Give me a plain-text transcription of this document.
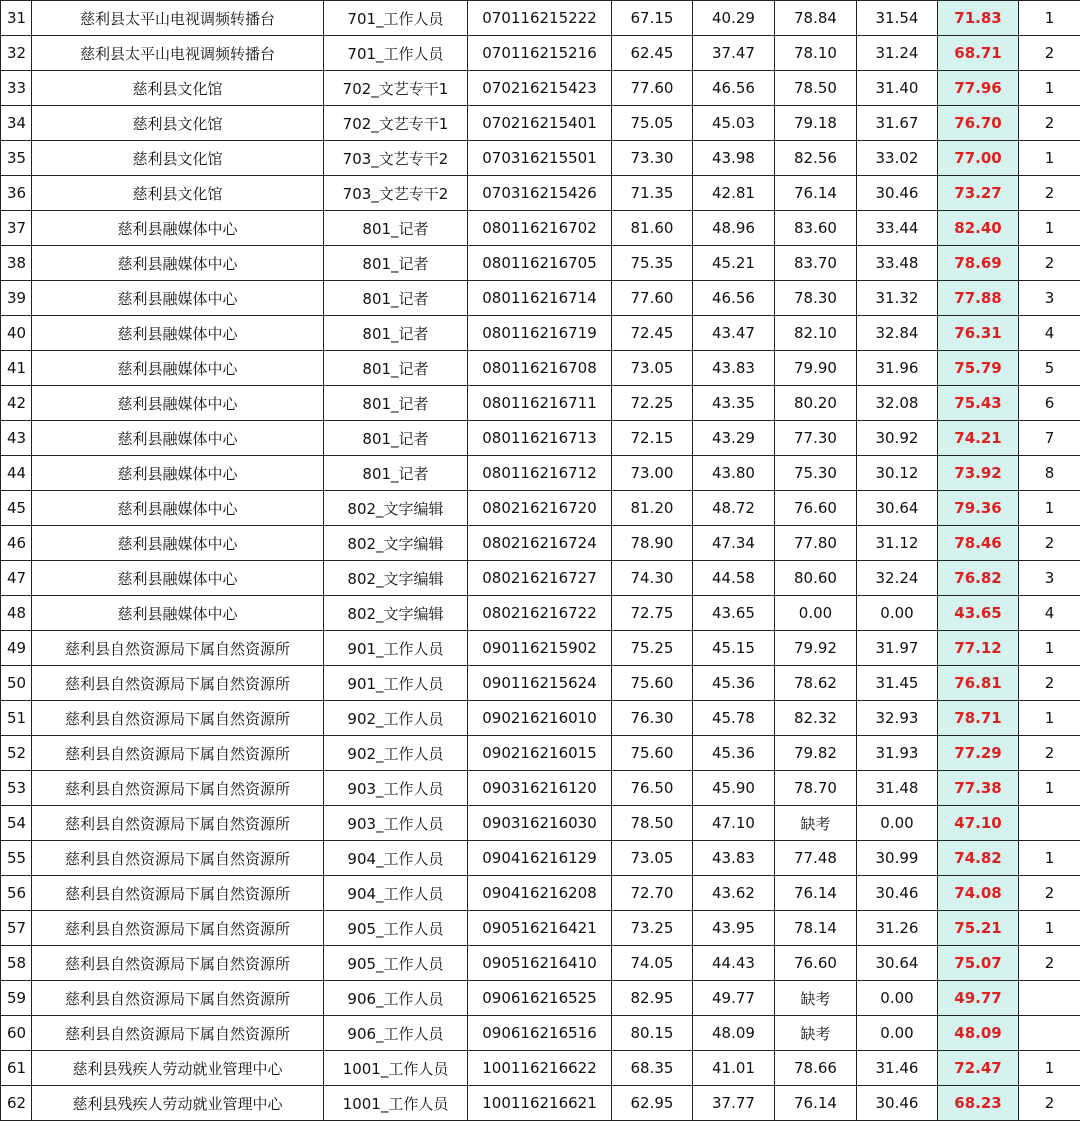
31	慈利县太平山电视调频转播台	701_工作人员	070116215222	67.15	40.29	78.84	31.54	71.83	1
32	慈利县太平山电视调频转播台	701_工作人员	070116215216	62.45	37.47	78.10	31.24	68.71	2
33	慈利县文化馆	702_文艺专干1	070216215423	77.60	46.56	78.50	31.40	77.96	1
34	慈利县文化馆	702_文艺专干1	070216215401	75.05	45.03	79.18	31.67	76.70	2
35	慈利县文化馆	703_文艺专干2	070316215501	73.30	43.98	82.56	33.02	77.00	1
36	慈利县文化馆	703_文艺专干2	070316215426	71.35	42.81	76.14	30.46	73.27	2
37	慈利县融媒体中心	801_记者	080116216702	81.60	48.96	83.60	33.44	82.40	1
38	慈利县融媒体中心	801_记者	080116216705	75.35	45.21	83.70	33.48	78.69	2
39	慈利县融媒体中心	801_记者	080116216714	77.60	46.56	78.30	31.32	77.88	3
40	慈利县融媒体中心	801_记者	080116216719	72.45	43.47	82.10	32.84	76.31	4
41	慈利县融媒体中心	801_记者	080116216708	73.05	43.83	79.90	31.96	75.79	5
42	慈利县融媒体中心	801_记者	080116216711	72.25	43.35	80.20	32.08	75.43	6
43	慈利县融媒体中心	801_记者	080116216713	72.15	43.29	77.30	30.92	74.21	7
44	慈利县融媒体中心	801_记者	080116216712	73.00	43.80	75.30	30.12	73.92	8
45	慈利县融媒体中心	802_文字编辑	080216216720	81.20	48.72	76.60	30.64	79.36	1
46	慈利县融媒体中心	802_文字编辑	080216216724	78.90	47.34	77.80	31.12	78.46	2
47	慈利县融媒体中心	802_文字编辑	080216216727	74.30	44.58	80.60	32.24	76.82	3
48	慈利县融媒体中心	802_文字编辑	080216216722	72.75	43.65	0.00	0.00	43.65	4
49	慈利县自然资源局下属自然资源所	901_工作人员	090116215902	75.25	45.15	79.92	31.97	77.12	1
50	慈利县自然资源局下属自然资源所	901_工作人员	090116215624	75.60	45.36	78.62	31.45	76.81	2
51	慈利县自然资源局下属自然资源所	902_工作人员	090216216010	76.30	45.78	82.32	32.93	78.71	1
52	慈利县自然资源局下属自然资源所	902_工作人员	090216216015	75.60	45.36	79.82	31.93	77.29	2
53	慈利县自然资源局下属自然资源所	903_工作人员	090316216120	76.50	45.90	78.70	31.48	77.38	1
54	慈利县自然资源局下属自然资源所	903_工作人员	090316216030	78.50	47.10	缺考	0.00	47.10	
55	慈利县自然资源局下属自然资源所	904_工作人员	090416216129	73.05	43.83	77.48	30.99	74.82	1
56	慈利县自然资源局下属自然资源所	904_工作人员	090416216208	72.70	43.62	76.14	30.46	74.08	2
57	慈利县自然资源局下属自然资源所	905_工作人员	090516216421	73.25	43.95	78.14	31.26	75.21	1
58	慈利县自然资源局下属自然资源所	905_工作人员	090516216410	74.05	44.43	76.60	30.64	75.07	2
59	慈利县自然资源局下属自然资源所	906_工作人员	090616216525	82.95	49.77	缺考	0.00	49.77	
60	慈利县自然资源局下属自然资源所	906_工作人员	090616216516	80.15	48.09	缺考	0.00	48.09	
61	慈利县残疾人劳动就业管理中心	1001_工作人员	100116216622	68.35	41.01	78.66	31.46	72.47	1
62	慈利县残疾人劳动就业管理中心	1001_工作人员	100116216621	62.95	37.77	76.14	30.46	68.23	2
